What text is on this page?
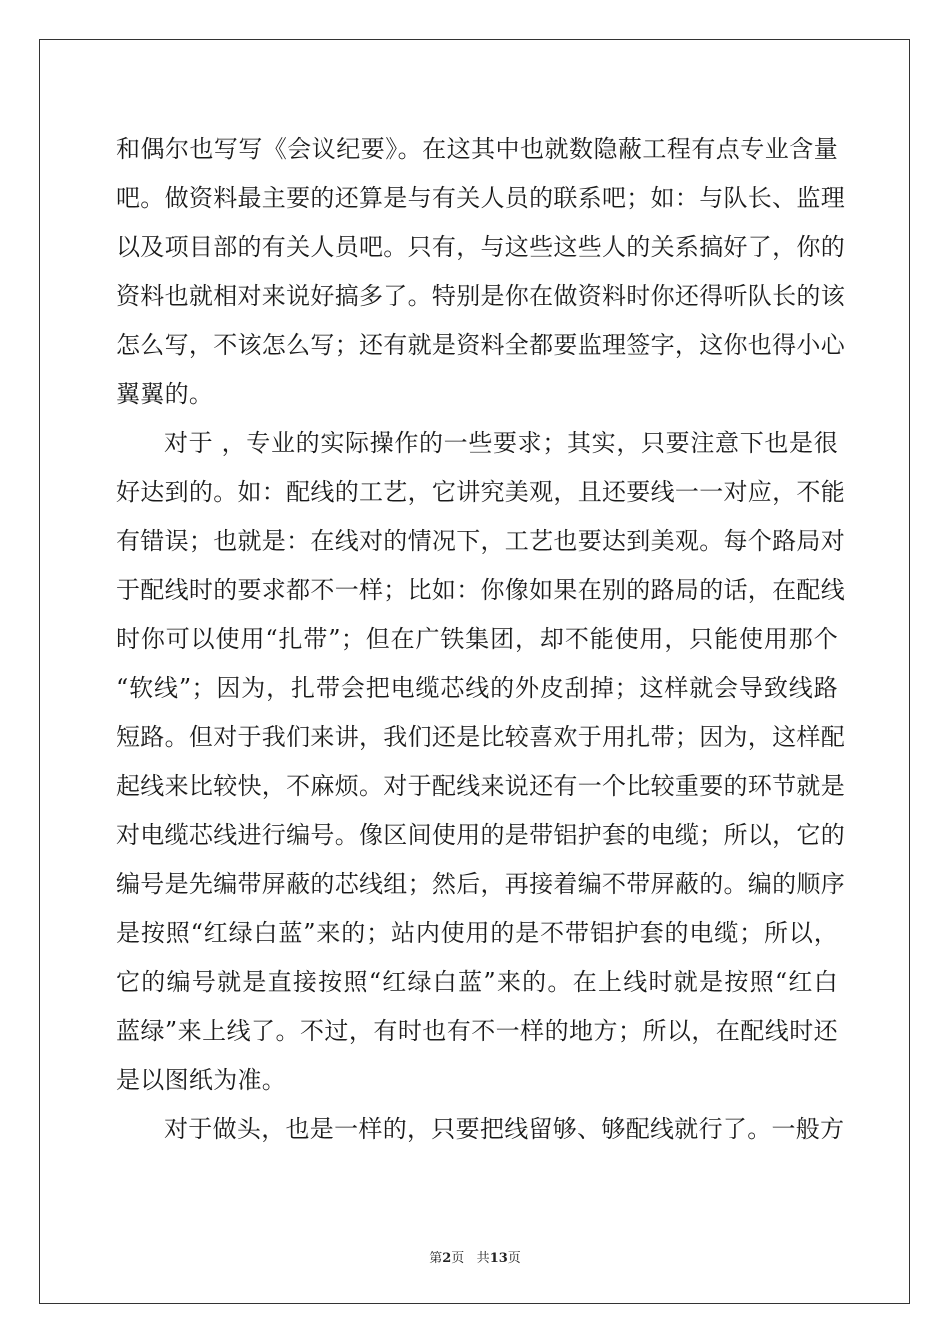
和偶尔也写写《会议纪要》。在这其中也就数隐蔽工程有点专业含量
吧。做资料最主要的还算是与有关人员的联系吧；如：与队长、监理
以及项目部的有关人员吧。只有，与这些这些人的关系搞好了，你的
资料也就相对来说好搞多了。特别是你在做资料时你还得听队长的该
怎么写，不该怎么写；还有就是资料全都要监理签字，这你也得小心
翼翼的。
对于 ，专业的实际操作的一些要求；其实，只要注意下也是很
好达到的。如：配线的工艺，它讲究美观，且还要线一一对应，不能
有错误；也就是：在线对的情况下，工艺也要达到美观。每个路局对
于配线时的要求都不一样；比如：你像如果在别的路局的话，在配线
时你可以使用“扎带”；但在广铁集团，却不能使用，只能使用那个
“软线”；因为，扎带会把电缆芯线的外皮刮掉；这样就会导致线路
短路。但对于我们来讲，我们还是比较喜欢于用扎带；因为，这样配
起线来比较快，不麻烦。对于配线来说还有一个比较重要的环节就是
对电缆芯线进行编号。像区间使用的是带铝护套的电缆；所以，它的
编号是先编带屏蔽的芯线组；然后，再接着编不带屏蔽的。编的顺序
是按照“红绿白蓝”来的；站内使用的是不带铝护套的电缆；所以，
它的编号就是直接按照“红绿白蓝”来的。在上线时就是按照“红白
蓝绿”来上线了。不过，有时也有不一样的地方；所以，在配线时还
是以图纸为准。
对于做头，也是一样的，只要把线留够、够配线就行了。一般方
第2页 共13页
